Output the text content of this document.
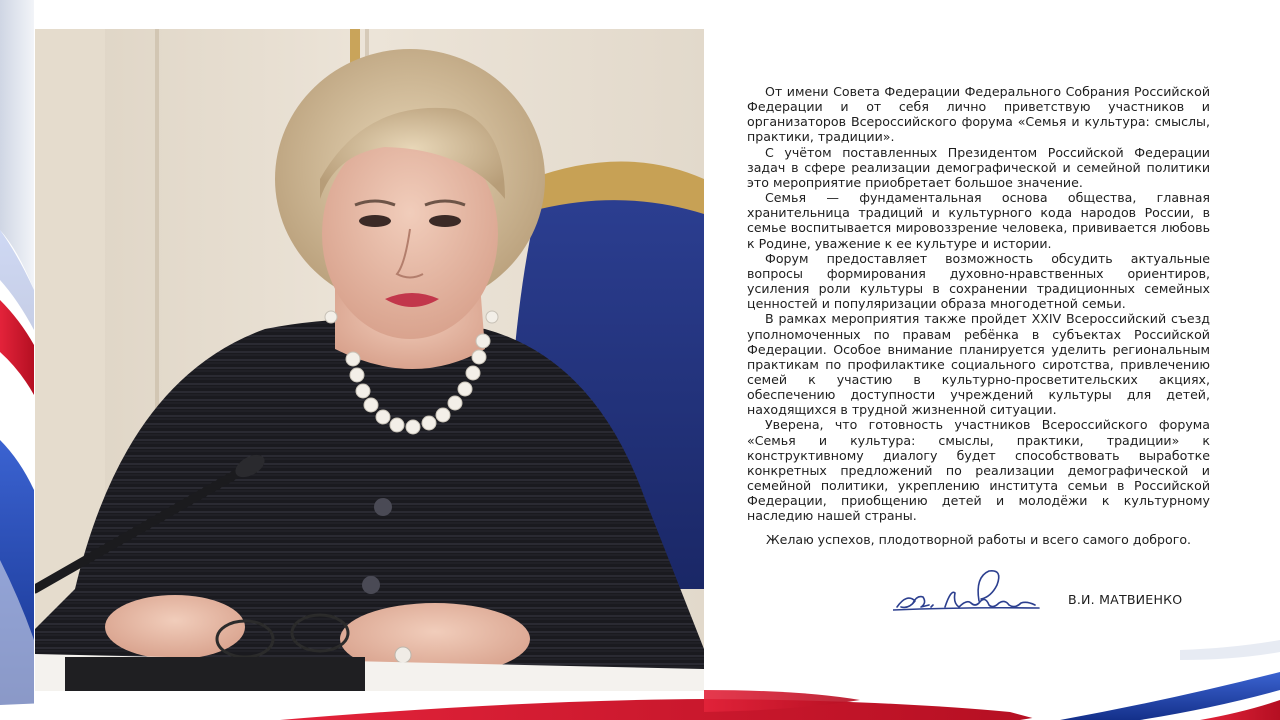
От имени Совета Федерации Федерального Собрания Российской Федерации и от себя лично приветствую участников и организаторов Всероссийского форума «Семья и культура: смыслы, практики, традиции».

С учётом поставленных Президентом Российской Федерации задач в сфере реализации демографической и семейной политики это мероприятие приобретает большое значение.

Семья — фундаментальная основа общества, главная хранительница традиций и культурного кода народов России, в семье воспитывается мировоззрение человека, прививается любовь к Родине, уважение к ее культуре и истории.

Форум предоставляет возможность обсудить актуальные вопросы формирования духовно-нравственных ориентиров, усиления роли культуры в сохранении традиционных семейных ценностей и популяризации образа многодетной семьи.

В рамках мероприятия также пройдет XXIV Всероссийский съезд уполномоченных по правам ребёнка в субъектах Российской Федерации. Особое внимание планируется уделить региональным практикам по профилактике социального сиротства, привлечению семей к участию в культурно-просветительских акциях, обеспечению доступности учреждений культуры для детей, находящихся в трудной жизненной ситуации.

Уверена, что готовность участников Всероссийского форума «Семья и культура: смыслы, практики, традиции» к конструктивному диалогу будет способствовать выработке конкретных предложений по реализации демографической и семейной политики, укреплению института семьи в Российской Федерации, приобщению детей и молодёжи к культурному наследию нашей страны.

Желаю успехов, плодотворной работы и всего самого доброго.
В.И. МАТВИЕНКО
